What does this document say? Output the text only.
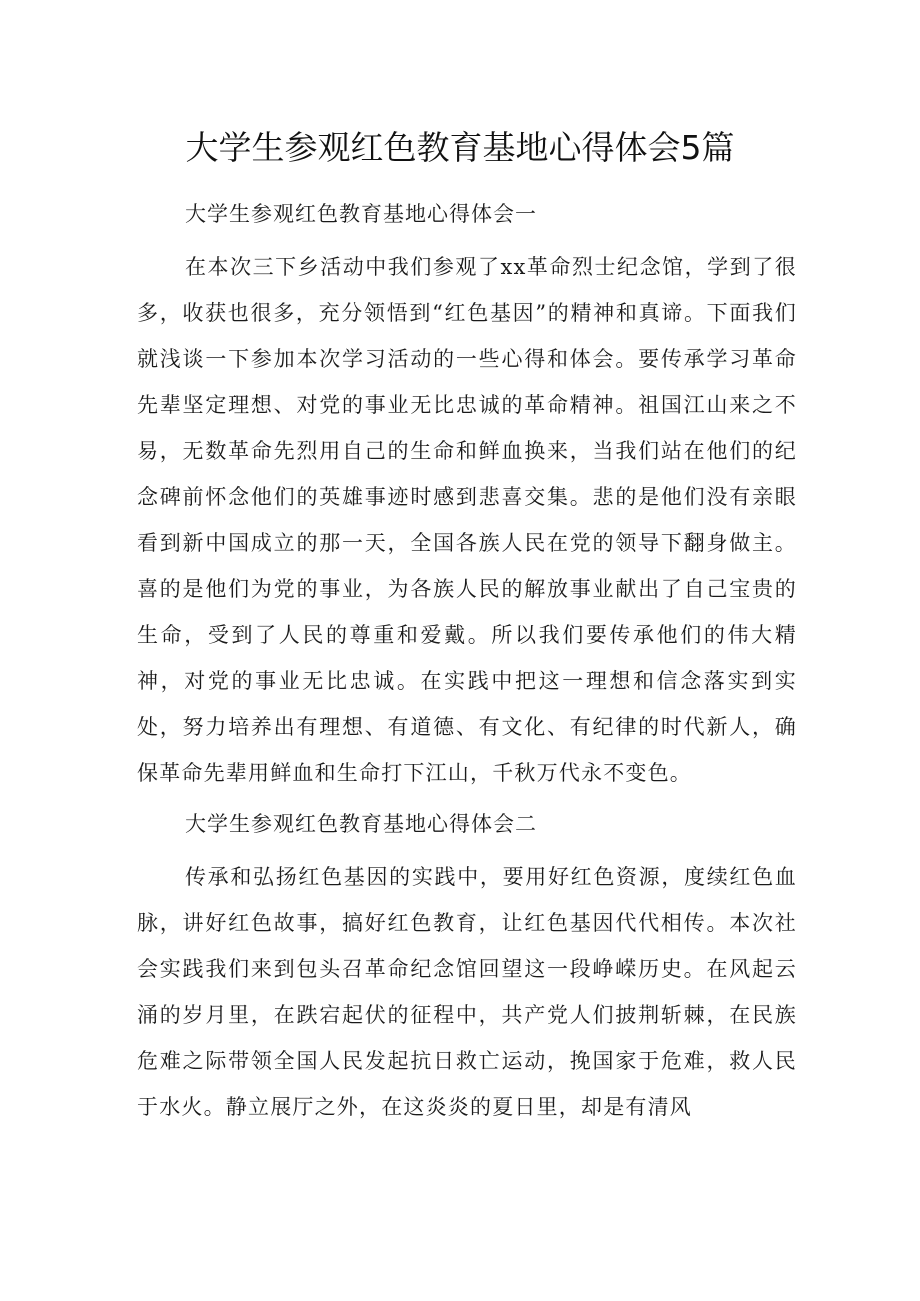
大学生参观红色教育基地心得体会5篇

大学生参观红色教育基地心得体会一

在本次三下乡活动中我们参观了xx革命烈士纪念馆，学到了很多，收获也很多，充分领悟到“红色基因”的精神和真谛。下面我们就浅谈一下参加本次学习活动的一些心得和体会。要传承学习革命先辈坚定理想、对党的事业无比忠诚的革命精神。祖国江山来之不易，无数革命先烈用自己的生命和鲜血换来，当我们站在他们的纪念碑前怀念他们的英雄事迹时感到悲喜交集。悲的是他们没有亲眼看到新中国成立的那一天，全国各族人民在党的领导下翻身做主。喜的是他们为党的事业，为各族人民的解放事业献出了自己宝贵的生命，受到了人民的尊重和爱戴。所以我们要传承他们的伟大精神，对党的事业无比忠诚。在实践中把这一理想和信念落实到实处，努力培养出有理想、有道德、有文化、有纪律的时代新人，确保革命先辈用鲜血和生命打下江山，千秋万代永不变色。

大学生参观红色教育基地心得体会二

传承和弘扬红色基因的实践中，要用好红色资源，度续红色血脉，讲好红色故事，搞好红色教育，让红色基因代代相传。本次社会实践我们来到包头召革命纪念馆回望这一段峥嵘历史。在风起云涌的岁月里，在跌宕起伏的征程中，共产党人们披荆斩棘，在民族危难之际带领全国人民发起抗日救亡运动，挽国家于危难，救人民于水火。静立展厅之外，在这炎炎的夏日里，却是有清风
